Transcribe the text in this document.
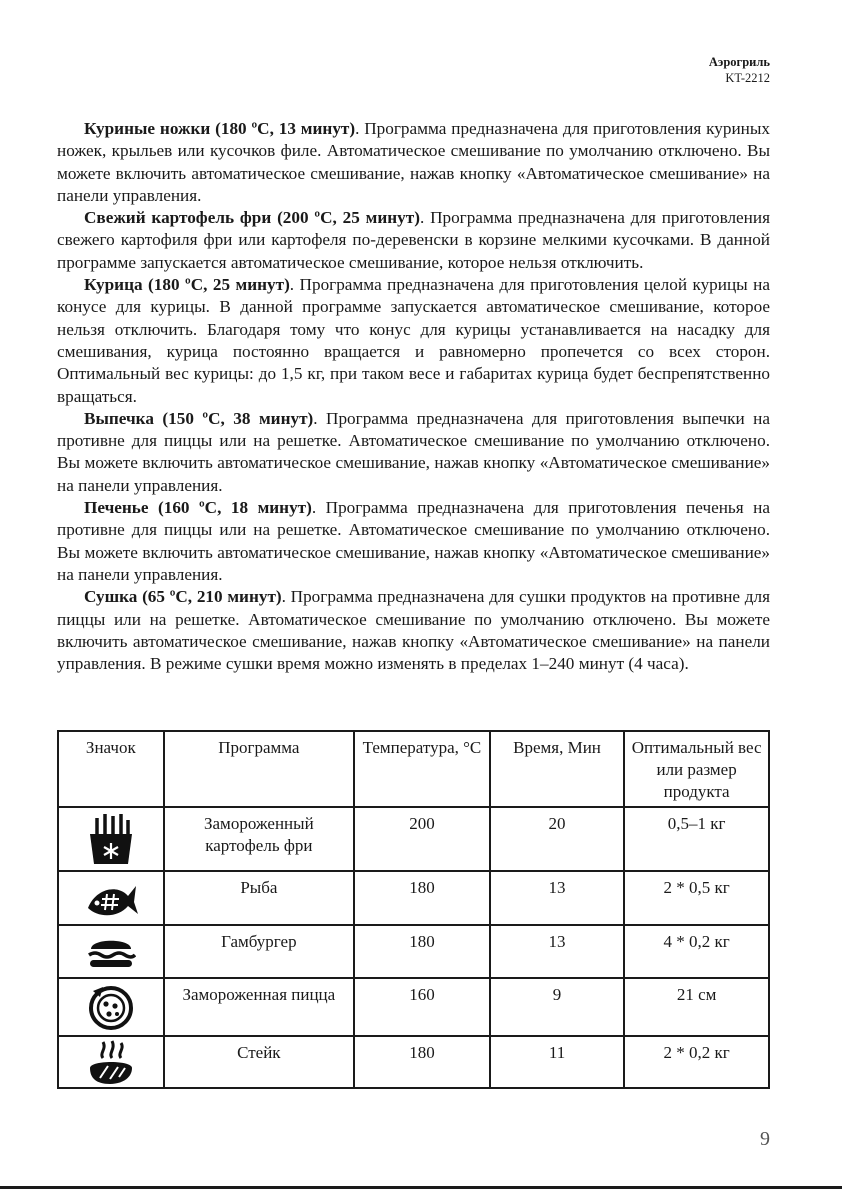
Аэрогриль
KT-2212

Куриные ножки (180 ºC, 13 минут). Программа предназначена для приготовления куриных ножек, крыльев или кусочков филе. Автоматическое смешивание по умолчанию отключено. Вы можете включить автоматическое смешивание, нажав кнопку «Автоматическое смешивание» на панели управления.

Свежий картофель фри (200 ºC, 25 минут). Программа предназначена для приготовления свежего картофиля фри или картофеля по-деревенски в корзине мелкими кусочками. В данной программе запускается автоматическое смешивание, которое нельзя отключить.

Курица (180 ºC, 25 минут). Программа предназначена для приготовления целой курицы на конусе для курицы. В данной программе запускается автоматическое смешивание, которое нельзя отключить. Благодаря тому что конус для курицы устанавливается на насадку для смешивания, курица постоянно вращается и равномерно пропечется со всех сторон. Оптимальный вес курицы: до 1,5 кг, при таком весе и габаритах курица будет беспрепятственно вращаться.

Выпечка (150 ºC, 38 минут). Программа предназначена для приготовления выпечки на противне для пиццы или на решетке. Автоматическое смешивание по умолчанию отключено. Вы можете включить автоматическое смешивание, нажав кнопку «Автоматическое смешивание» на панели управления.

Печенье (160 ºC, 18 минут). Программа предназначена для приготовления печенья на противне для пиццы или на решетке. Автоматическое смешивание по умолчанию отключено. Вы можете включить автоматическое смешивание, нажав кнопку «Автоматическое смешивание» на панели управления.

Сушка (65 ºC, 210 минут). Программа предназначена для сушки продуктов на противне для пиццы или на решетке. Автоматическое смешивание по умолчанию отключено. Вы можете включить автоматическое смешивание, нажав кнопку «Автоматическое смешивание» на панели управления. В режиме сушки время можно изменять в пределах 1–240 минут (4 часа).

Значок	Программа	Температура, °C	Время, Мин	Оптимальный вес или размер продукта

	Замороженный картофель фри	200	20	0,5–1 кг

	Рыба	180	13	2 * 0,5 кг

	Гамбургер	180	13	4 * 0,2 кг

	Замороженная пицца	160	9	21 см

	Стейк	180	11	2 * 0,2 кг
9
